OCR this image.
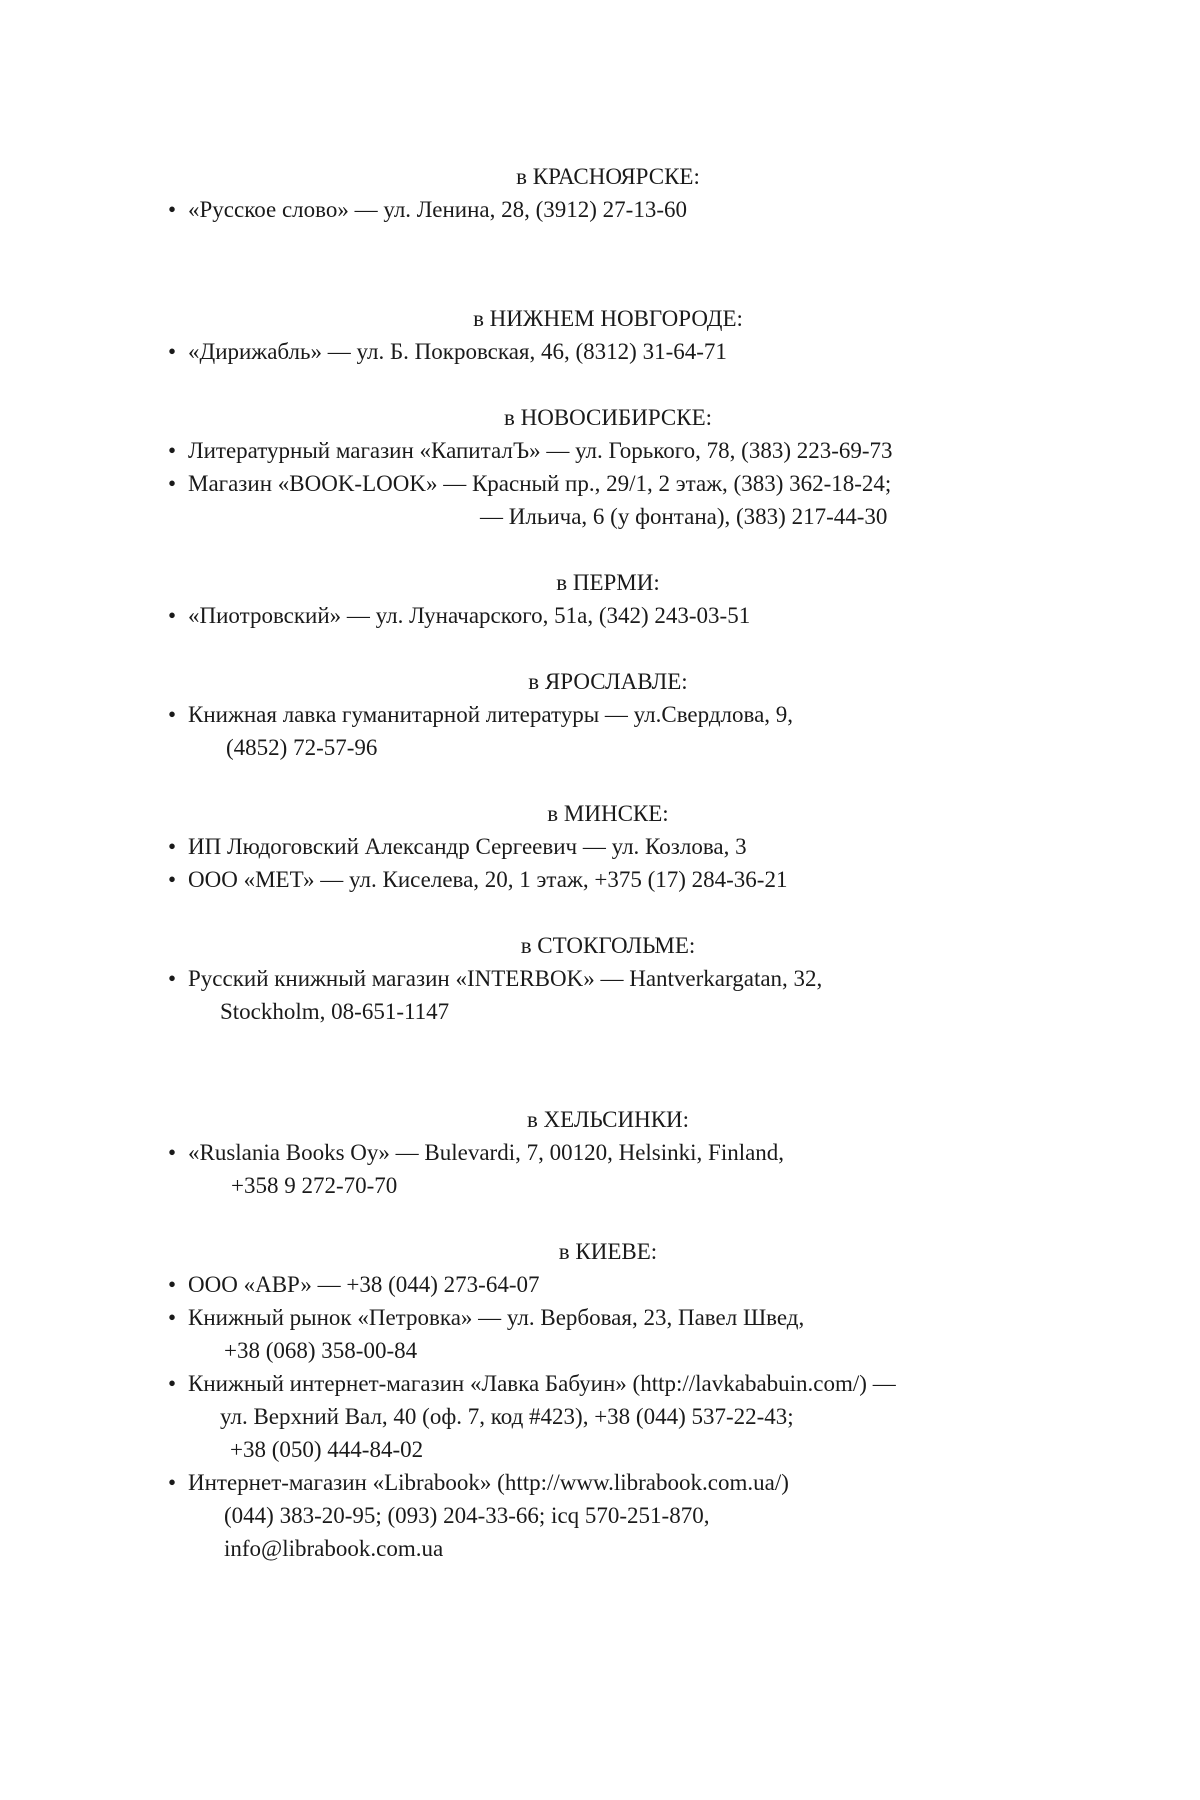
в КРАСНОЯРСКЕ:

• «Русское слово» — ул. Ленина, 28, (3912) 27-13-60

в НИЖНЕМ НОВГОРОДЕ:

• «Дирижабль» — ул. Б. Покровская, 46, (8312) 31-64-71

в НОВОСИБИРСКЕ:

• Литературный магазин «КапиталЪ» — ул. Горького, 78, (383) 223-69-73
• Магазин «BOOK-LOOK» — Красный пр., 29/1, 2 этаж, (383) 362-18-24;
— Ильича, 6 (у фонтана), (383) 217-44-30

в ПЕРМИ:

• «Пиотровский» — ул. Луначарского, 51а, (342) 243-03-51

в ЯРОСЛАВЛЕ:

• Книжная лавка гуманитарной литературы — ул.Свердлова, 9,
(4852) 72-57-96

в МИНСКЕ:

• ИП Людоговский Александр Сергеевич — ул. Козлова, 3
• ООО «МЕТ» — ул. Киселева, 20, 1 этаж, +375 (17) 284-36-21

в СТОКГОЛЬМЕ:

• Русский книжный магазин «INTERBOK» — Hantverkargatan, 32,
Stockholm, 08-651-1147

в ХЕЛЬСИНКИ:

• «Ruslania Books Oy» — Bulevardi, 7, 00120, Helsinki, Finland,
+358 9 272-70-70

в КИЕВЕ:

• ООО «АВР» — +38 (044) 273-64-07
• Книжный рынок «Петровка» — ул. Вербовая, 23, Павел Швед,
+38 (068) 358-00-84
• Книжный интернет-магазин «Лавка Бабуин» (http://lavkababuin.com/) —
ул. Верхний Вал, 40 (оф. 7, код #423), +38 (044) 537-22-43;
+38 (050) 444-84-02
• Интернет-магазин «Librabook» (http://www.librabook.com.ua/)
(044) 383-20-95; (093) 204-33-66; icq 570-251-870,
info@librabook.com.ua
